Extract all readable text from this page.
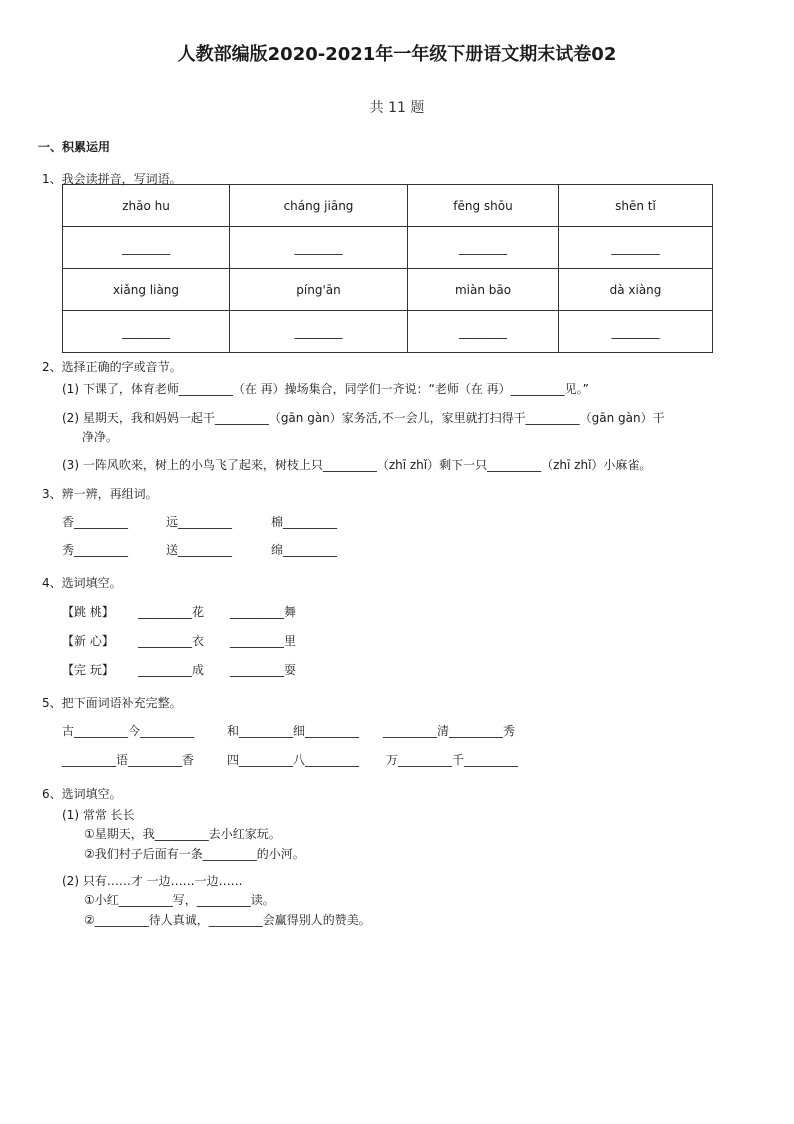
人教部编版2020-2021年一年级下册语文期末试卷02
共 11 题
一、积累运用
1、我会读拼音，写词语。
zhāo hu	cháng jiāng	fēng shōu	shēn tǐ
________	________	________	________
xiǎng liàng	píng'ān	miàn bāo	dà xiàng
________	________	________	________
2、选择正确的字或音节。
(1) 下课了，体育老师_________（在 再）操场集合，同学们一齐说：“老师（在 再）_________见。”
(2) 星期天，我和妈妈一起干_________（gān gàn）家务活,不一会儿，家里就打扫得干_________（gān gàn）干
净净。
(3) 一阵风吹来，树上的小鸟飞了起来，树枝上只_________（zhī zhǐ）剩下一只_________（zhī zhǐ）小麻雀。
3、辨一辨，再组词。
香_________	远_________	棉_________
秀_________	送_________	绵_________
4、选词填空。
【跳 桃】 _________花 _________舞
【新 心】 _________衣 _________里
【完 玩】 _________成 _________耍
5、把下面词语补充完整。
古_________今_________	和_________细_________ _________清_________秀
_________语_________香	四_________八_________ 万_________千_________
6、选词填空。
(1) 常常 长长
①星期天，我_________去小红家玩。
②我们村子后面有一条_________的小河。
(2) 只有……才 一边……一边……
①小红_________写，_________读。
②_________待人真诚，_________会赢得别人的赞美。
